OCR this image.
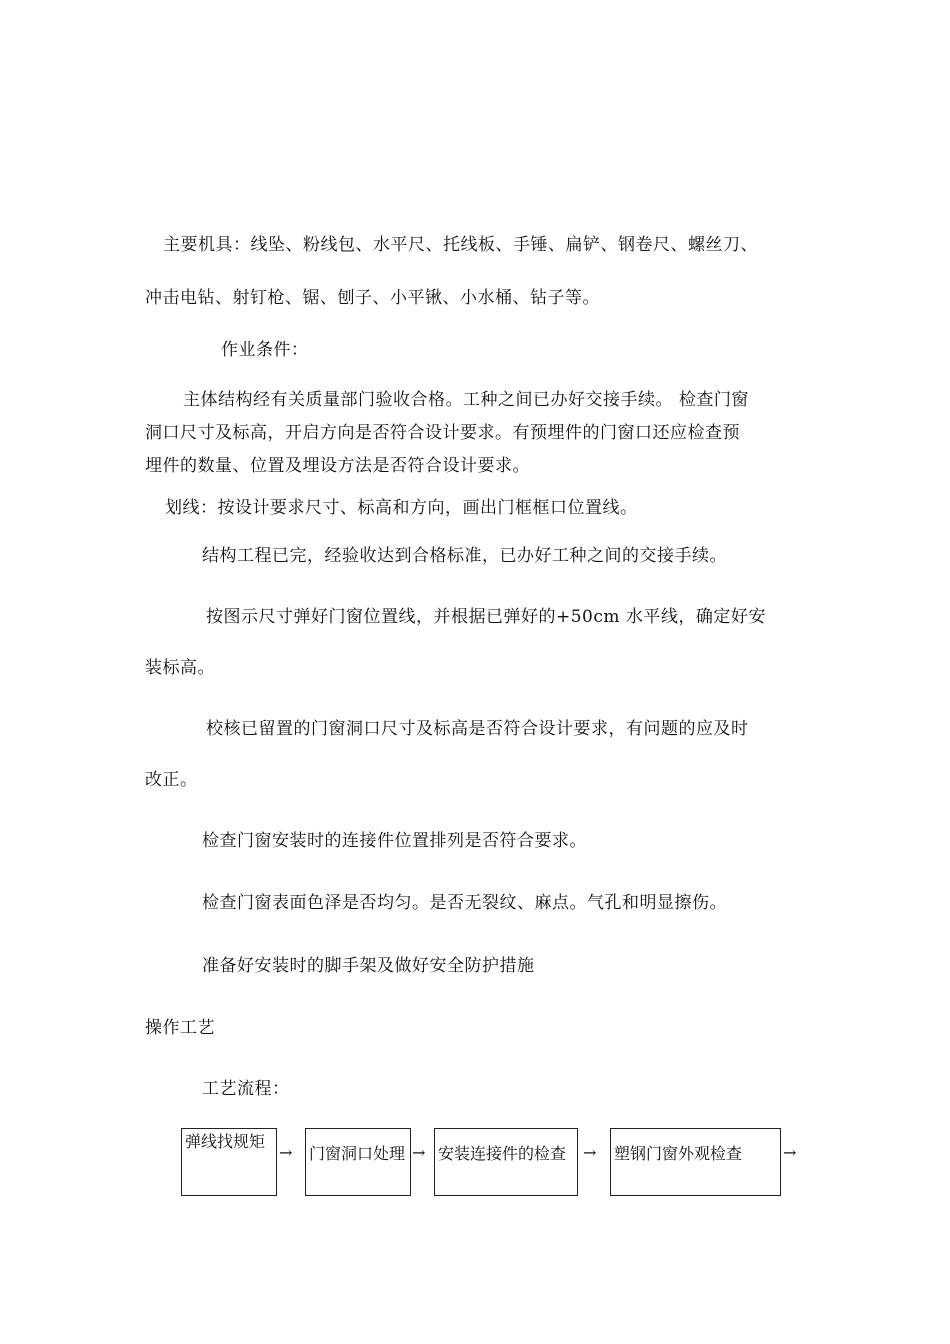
主要机具：线坠、粉线包、水平尺、托线板、手锤、扁铲、钢卷尺、螺丝刀、
冲击电钻、射钉枪、锯、刨子、小平锹、小水桶、钻子等。
作业条件：
主体结构经有关质量部门验收合格。工种之间已办好交接手续。 检查门窗
洞口尺寸及标高，开启方向是否符合设计要求。有预埋件的门窗口还应检查预
埋件的数量、位置及埋设方法是否符合设计要求。
划线：按设计要求尺寸、标高和方向，画出门框框口位置线。
结构工程已完，经验收达到合格标准，已办好工种之间的交接手续。
按图示尺寸弹好门窗位置线，并根据已弹好的+50cm 水平线，确定好安
装标高。
校核已留置的门窗洞口尺寸及标高是否符合设计要求，有问题的应及时
改正。
检查门窗安装时的连接件位置排列是否符合要求。
检查门窗表面色泽是否均匀。是否无裂纹、麻点。气孔和明显擦伤。
准备好安装时的脚手架及做好安全防护措施
操作工艺
工艺流程：
弹线找规矩
→ 门窗洞口处理 → 安装连接件的检查 → 塑钢门窗外观检查	→
